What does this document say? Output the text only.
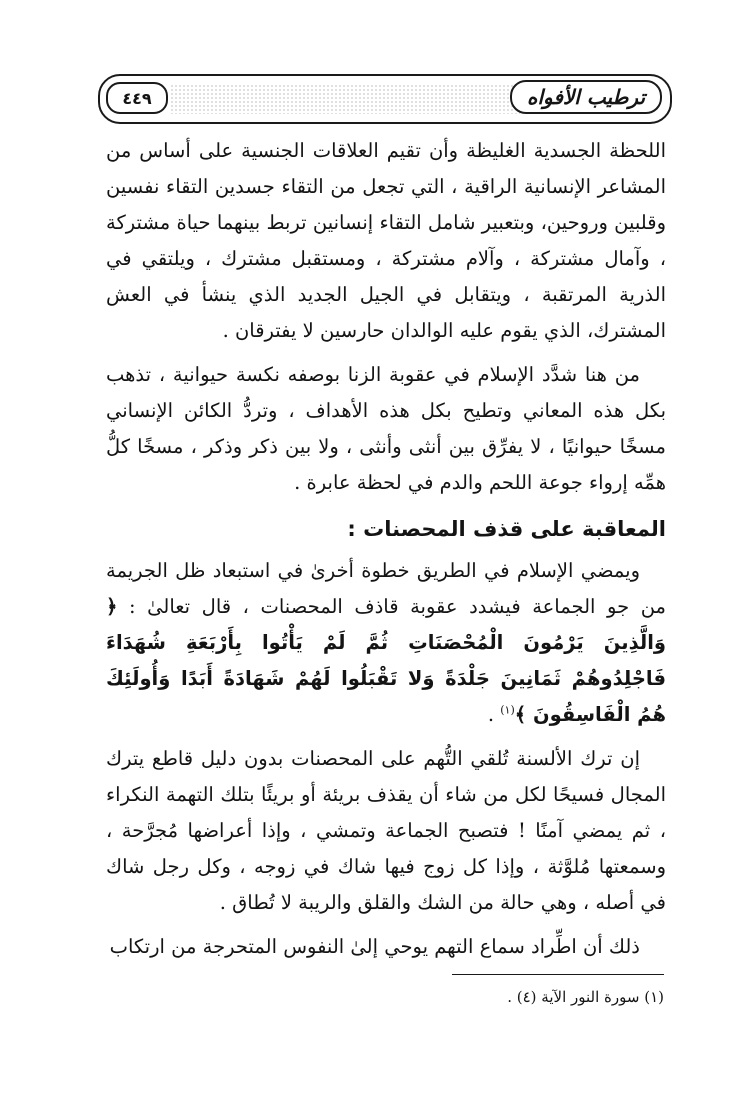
٤٤٩	ترطيب الأفواه

اللحظة الجسدية الغليظة وأن تقيم العلاقات الجنسية على أساس من المشاعر الإنسانية الراقية ، التي تجعل من التقاء جسدين التقاء نفسين وقلبين وروحين، وبتعبير شامل التقاء إنسانين تربط بينهما حياة مشتركة ، وآمال مشتركة ، وآلام مشتركة ، ومستقبل مشترك ، ويلتقي في الذرية المرتقبة ، ويتقابل في الجيل الجديد الذي ينشأ في العش المشترك، الذي يقوم عليه الوالدان حارسين لا يفترقان .

من هنا شدَّد الإسلام في عقوبة الزنا بوصفه نكسة حيوانية ، تذهب بكل هذه المعاني وتطيح بكل هذه الأهداف ، وتردُّ الكائن الإنساني مسخًا حيوانيًا ، لا يفرِّق بين أنثى وأنثى ، ولا بين ذكر وذكر ، مسخًا كلُّ همِّه إرواء جوعة اللحم والدم في لحظة عابرة .

المعاقبة على قذف المحصنات :

ويمضي الإسلام في الطريق خطوة أخرىٰ في استبعاد ظل الجريمة من جو الجماعة فيشدد عقوبة قاذف المحصنات ، قال تعالىٰ : ﴿ وَالَّذِينَ يَرْمُونَ الْمُحْصَنَاتِ ثُمَّ لَمْ يَأْتُوا بِأَرْبَعَةِ شُهَدَاءَ فَاجْلِدُوهُمْ ثَمَانِينَ جَلْدَةً وَلا تَقْبَلُوا لَهُمْ شَهَادَةً أَبَدًا وَأُولَئِكَ هُمُ الْفَاسِقُونَ ﴾$^{(١)}$ .

إن ترك الألسنة تُلقي التُّهم على المحصنات بدون دليل قاطع يترك المجال فسيحًا لكل من شاء أن يقذف بريئة أو بريئًا بتلك التهمة النكراء ، ثم يمضي آمنًا ! فتصبح الجماعة وتمشي ، وإذا أعراضها مُجرَّحة ، وسمعتها مُلوَّثة ، وإذا كل زوج فيها شاك في زوجه ، وكل رجل شاك في أصله ، وهي حالة من الشك والقلق والريبة لا تُطاق .

ذلك أن اطِّراد سماع التهم يوحي إلىٰ النفوس المتحرجة من ارتكاب

(١) سورة النور الآية (٤) .
